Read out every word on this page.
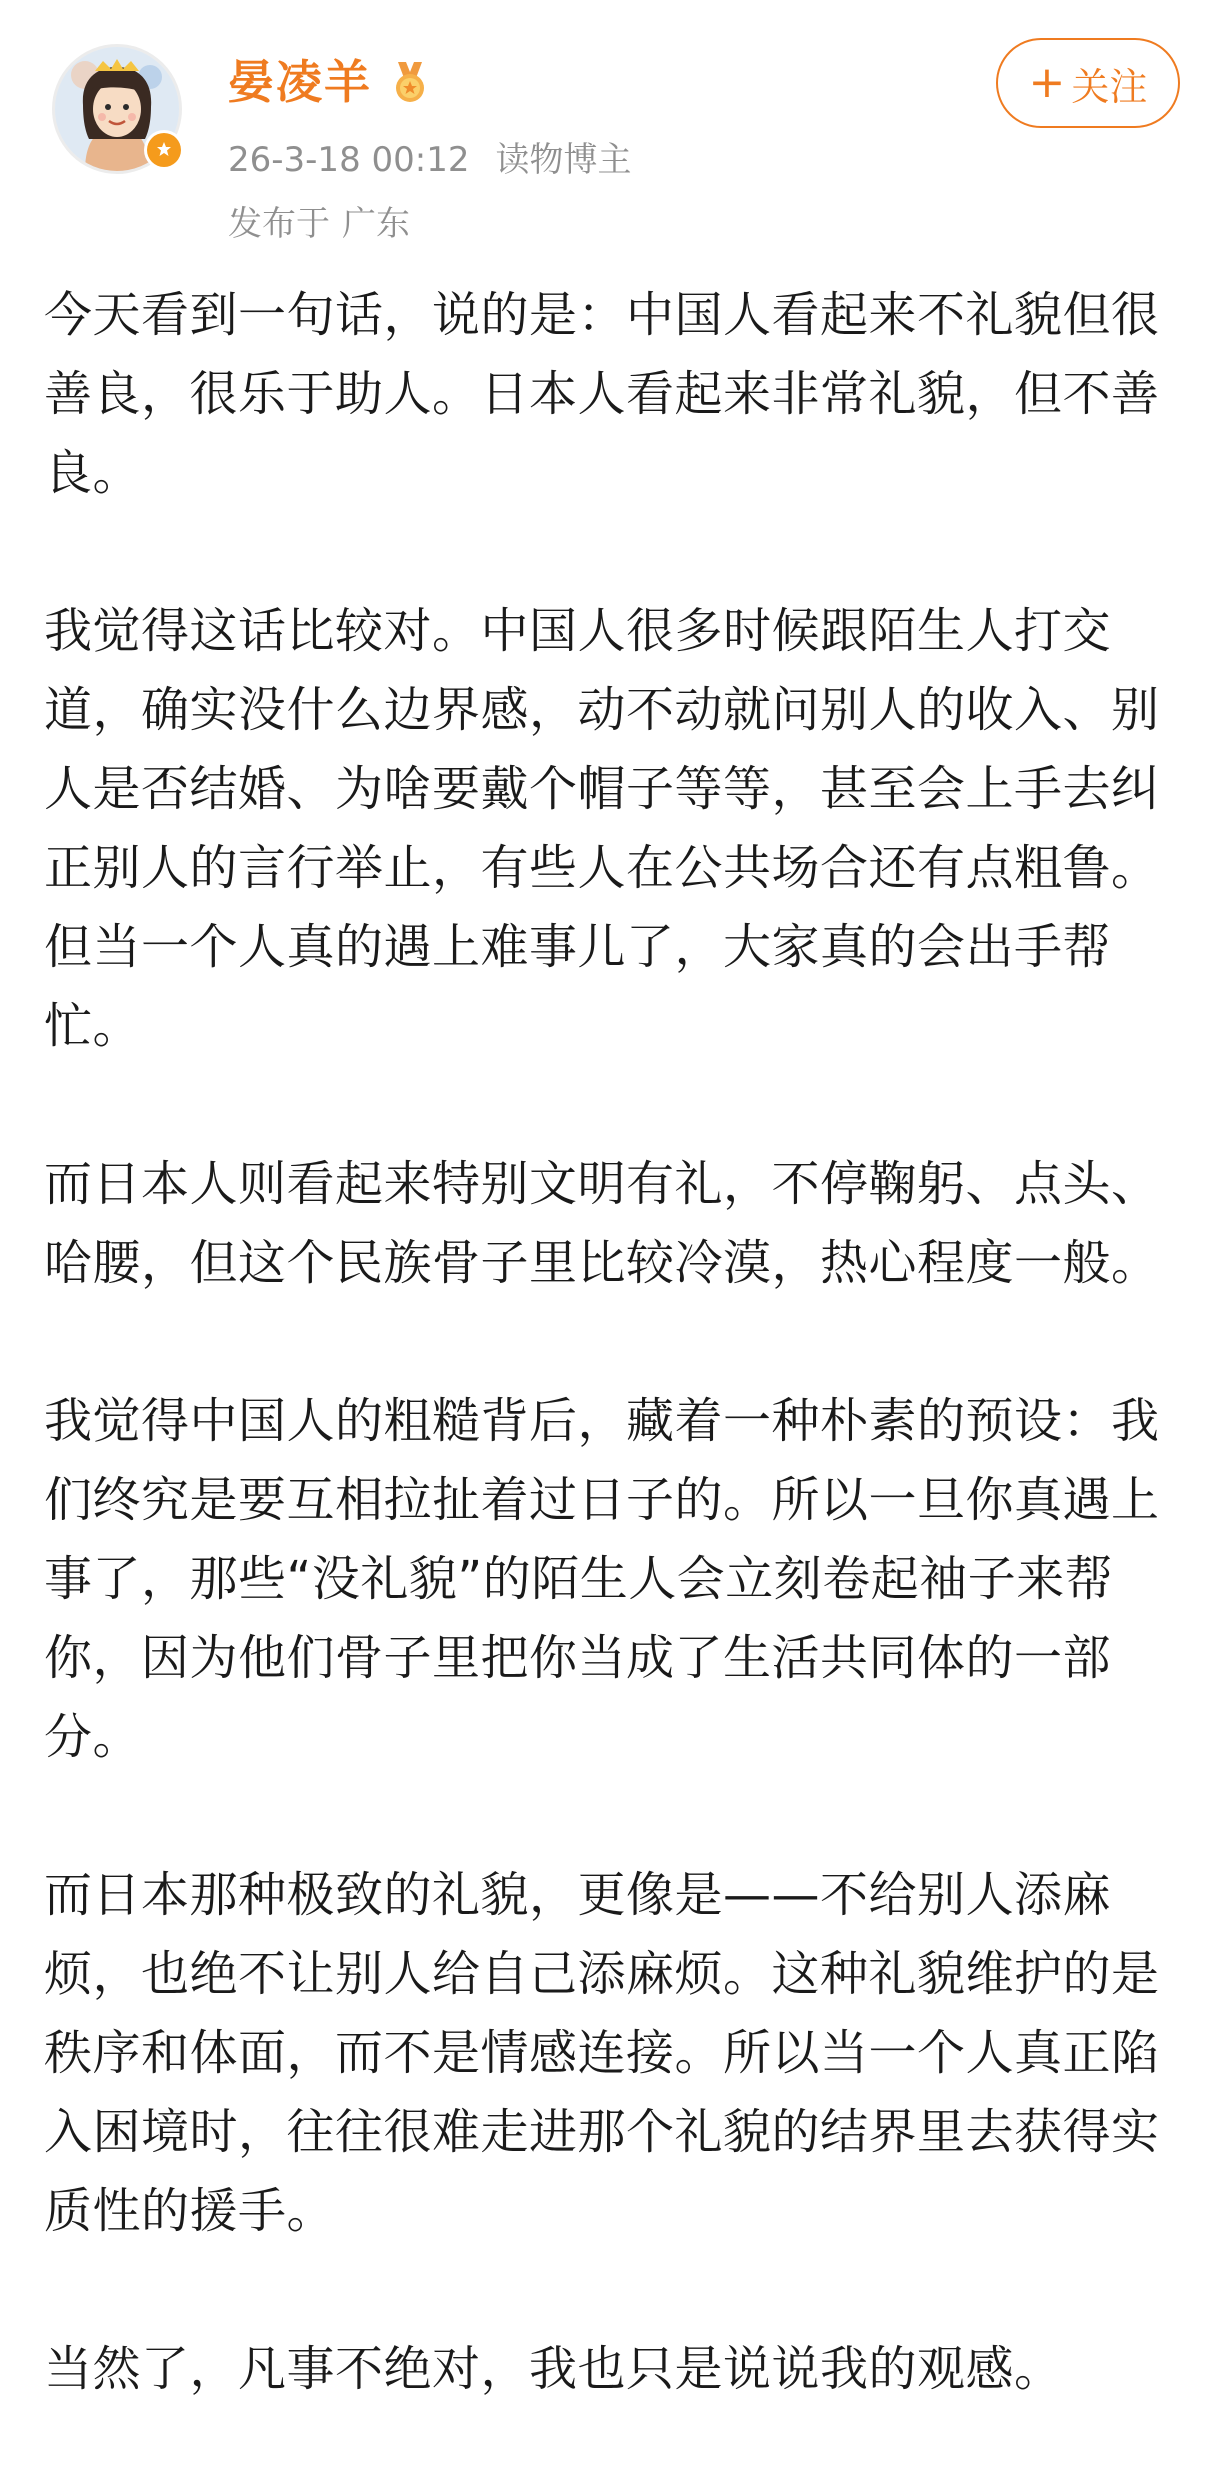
晏凌羊
26-3-18 00:12 读物博主
发布于 广东
+ 关注

今天看到一句话，说的是：中国人看起来不礼貌但很善良，很乐于助人。日本人看起来非常礼貌，但不善良。

我觉得这话比较对。中国人很多时候跟陌生人打交道，确实没什么边界感，动不动就问别人的收入、别人是否结婚、为啥要戴个帽子等等，甚至会上手去纠正别人的言行举止，有些人在公共场合还有点粗鲁。但当一个人真的遇上难事儿了，大家真的会出手帮忙。

而日本人则看起来特别文明有礼，不停鞠躬、点头、哈腰，但这个民族骨子里比较冷漠，热心程度一般。

我觉得中国人的粗糙背后，藏着一种朴素的预设：我们终究是要互相拉扯着过日子的。所以一旦你真遇上事了，那些“没礼貌”的陌生人会立刻卷起袖子来帮你，因为他们骨子里把你当成了生活共同体的一部分。

而日本那种极致的礼貌，更像是——不给别人添麻烦，也绝不让别人给自己添麻烦。这种礼貌维护的是秩序和体面，而不是情感连接。所以当一个人真正陷入困境时，往往很难走进那个礼貌的结界里去获得实质性的援手。

当然了，凡事不绝对，我也只是说说我的观感。
